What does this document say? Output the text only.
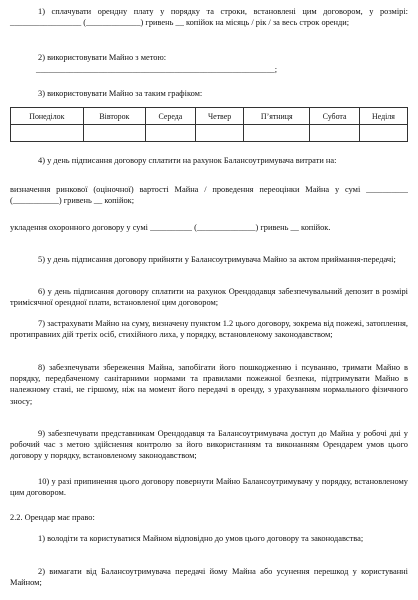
1) сплачувати орендну плату у порядку та строки, встановлені цим договором, у розмірі: _________________ (_____________) гривень __ копійок на місяць / рік / за весь строк оренди;
2) використовувати Майно з метою:
_________________________________________________________;
3) використовувати Майно за таким графіком:
Понеділок	Вівторок	Середа	Четвер	П’ятниця	Субота	Неділя

4) у день підписання договору сплатити на рахунок Балансоутримувача витрати на:
визначення ринкової (оціночної) вартості Майна / проведення переоцінки Майна у сумі __________ (___________) гривень __ копійок;
укладення охоронного договору у сумі __________ (______________) гривень __ копійок.
5) у день підписання договору прийняти у Балансоутримувача Майно за актом приймання-передачі;
6) у день підписання договору сплатити на рахунок Орендодавця забезпечувальний депозит в розмірі тримісячної орендної плати, встановленої цим договором;
7) застрахувати Майно на суму, визначену пунктом 1.2 цього договору, зокрема від пожежі, затоплення, протиправних дій третіх осіб, стихійного лиха, у порядку, встановленому законодавством;
8) забезпечувати збереження Майна, запобігати його пошкодженню і псуванню, тримати Майно в порядку, передбаченому санітарними нормами та правилами пожежної безпеки, підтримувати Майно в належному стані, не гіршому, ніж на момент його передачі в оренду, з урахуванням нормального фізичного зносу;
9) забезпечувати представникам Орендодавця та Балансоутримувача доступ до Майна у робочі дні у робочий час з метою здійснення контролю за його використанням та виконанням Орендарем умов цього договору у порядку, встановленому законодавством;
10) у разі припинення цього договору повернути Майно Балансоутримувачу у порядку, встановленому цим договором.
2.2. Орендар має право:
1) володіти та користуватися Майном відповідно до умов цього договору та законодавства;
2) вимагати від Балансоутримувача передачі йому Майна або усунення перешкод у користуванні Майном;
